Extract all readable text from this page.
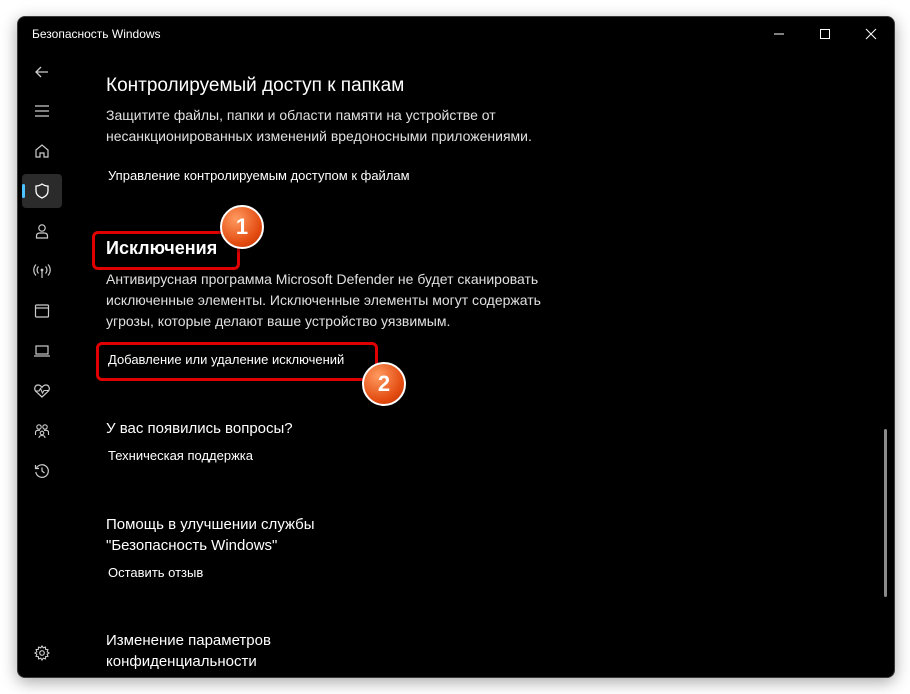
Безопасность Windows
Контролируемый доступ к папкам
Защитите файлы, папки и области памяти на устройстве от
несанкционированных изменений вредоносными приложениями.
Управление контролируемым доступом к файлам
Исключения
Антивирусная программа Microsoft Defender не будет сканировать
исключенные элементы. Исключенные элементы могут содержать
угрозы, которые делают ваше устройство уязвимым.
Добавление или удаление исключений
У вас появились вопросы?
Техническая поддержка
Помощь в улучшении службы
"Безопасность Windows"
Оставить отзыв
Изменение параметров
конфиденциальности
1
2
